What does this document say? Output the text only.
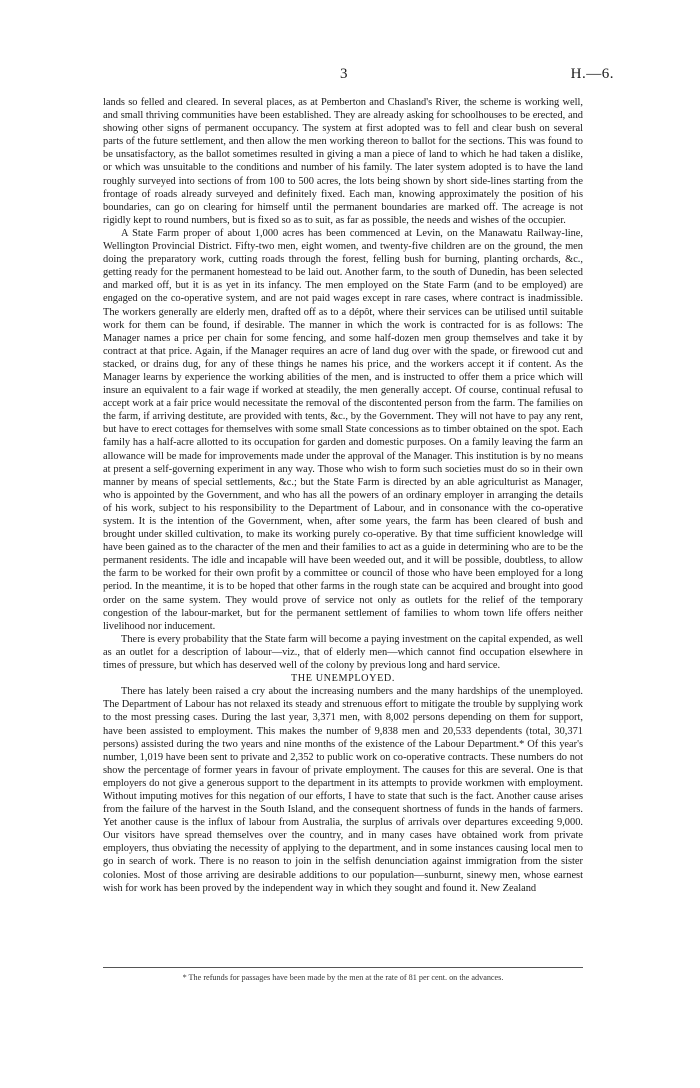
3	H.—6.

lands so felled and cleared. In several places, as at Pemberton and Chasland's River, the scheme is working well, and small thriving communities have been established. They are already asking for schoolhouses to be erected, and showing other signs of permanent occupancy. The system at first adopted was to fell and clear bush on several parts of the future settlement, and then allow the men working thereon to ballot for the sections. This was found to be unsatisfactory, as the ballot sometimes resulted in giving a man a piece of land to which he had taken a dislike, or which was unsuitable to the conditions and number of his family. The later system adopted is to have the land roughly surveyed into sections of from 100 to 500 acres, the lots being shown by short side-lines starting from the frontage of roads already surveyed and definitely fixed. Each man, knowing approximately the position of his boundaries, can go on clearing for himself until the permanent boundaries are marked off. The acreage is not rigidly kept to round numbers, but is fixed so as to suit, as far as possible, the needs and wishes of the occupier.

A State Farm proper of about 1,000 acres has been commenced at Levin, on the Manawatu Railway-line, Wellington Provincial District. Fifty-two men, eight women, and twenty-five children are on the ground, the men doing the preparatory work, cutting roads through the forest, felling bush for burning, planting orchards, &c., getting ready for the permanent homestead to be laid out. Another farm, to the south of Dunedin, has been selected and marked off, but it is as yet in its infancy. The men employed on the State Farm (and to be employed) are engaged on the co-operative system, and are not paid wages except in rare cases, where contract is inadmissible. The workers generally are elderly men, drafted off as to a dépôt, where their services can be utilised until suitable work for them can be found, if desirable. The manner in which the work is contracted for is as follows: The Manager names a price per chain for some fencing, and some half-dozen men group themselves and take it by contract at that price. Again, if the Manager requires an acre of land dug over with the spade, or firewood cut and stacked, or drains dug, for any of these things he names his price, and the workers accept it if content. As the Manager learns by experience the working abilities of the men, and is instructed to offer them a price which will insure an equivalent to a fair wage if worked at steadily, the men generally accept. Of course, continual refusal to accept work at a fair price would necessitate the removal of the discontented person from the farm. The families on the farm, if arriving destitute, are provided with tents, &c., by the Government. They will not have to pay any rent, but have to erect cottages for themselves with some small State concessions as to timber obtained on the spot. Each family has a half-acre allotted to its occupation for garden and domestic purposes. On a family leaving the farm an allowance will be made for improvements made under the approval of the Manager. This institution is by no means at present a self-governing experiment in any way. Those who wish to form such societies must do so in their own manner by means of special settlements, &c.; but the State Farm is directed by an able agriculturist as Manager, who is appointed by the Government, and who has all the powers of an ordinary employer in arranging the details of his work, subject to his responsibility to the Department of Labour, and in consonance with the co-operative system. It is the intention of the Government, when, after some years, the farm has been cleared of bush and brought under skilled cultivation, to make its working purely co-operative. By that time sufficient knowledge will have been gained as to the character of the men and their families to act as a guide in determining who are to be the permanent residents. The idle and incapable will have been weeded out, and it will be possible, doubtless, to allow the farm to be worked for their own profit by a committee or council of those who have been employed for a long period. In the meantime, it is to be hoped that other farms in the rough state can be acquired and brought into good order on the same system. They would prove of service not only as outlets for the relief of the temporary congestion of the labour-market, but for the permanent settlement of families to whom town life offers neither livelihood nor inducement.

There is every probability that the State farm will become a paying investment on the capital expended, as well as an outlet for a description of labour—viz., that of elderly men—which cannot find occupation elsewhere in times of pressure, but which has deserved well of the colony by previous long and hard service.

THE UNEMPLOYED.

There has lately been raised a cry about the increasing numbers and the many hardships of the unemployed. The Department of Labour has not relaxed its steady and strenuous effort to mitigate the trouble by supplying work to the most pressing cases. During the last year, 3,371 men, with 8,002 persons depending on them for support, have been assisted to employment. This makes the number of 9,838 men and 20,533 dependents (total, 30,371 persons) assisted during the two years and nine months of the existence of the Labour Department.* Of this year's number, 1,019 have been sent to private and 2,352 to public work on co-operative contracts. These numbers do not show the percentage of former years in favour of private employment. The causes for this are several. One is that employers do not give a generous support to the department in its attempts to provide workmen with employment. Without imputing motives for this negation of our efforts, I have to state that such is the fact. Another cause arises from the failure of the harvest in the South Island, and the consequent shortness of funds in the hands of farmers. Yet another cause is the influx of labour from Australia, the surplus of arrivals over departures exceeding 9,000. Our visitors have spread themselves over the country, and in many cases have obtained work from private employers, thus obviating the necessity of applying to the department, and in some instances causing local men to go in search of work. There is no reason to join in the selfish denunciation against immigration from the sister colonies. Most of those arriving are desirable additions to our population—sunburnt, sinewy men, whose earnest wish for work has been proved by the independent way in which they sought and found it. New Zealand

* The refunds for passages have been made by the men at the rate of 81 per cent. on the advances.
